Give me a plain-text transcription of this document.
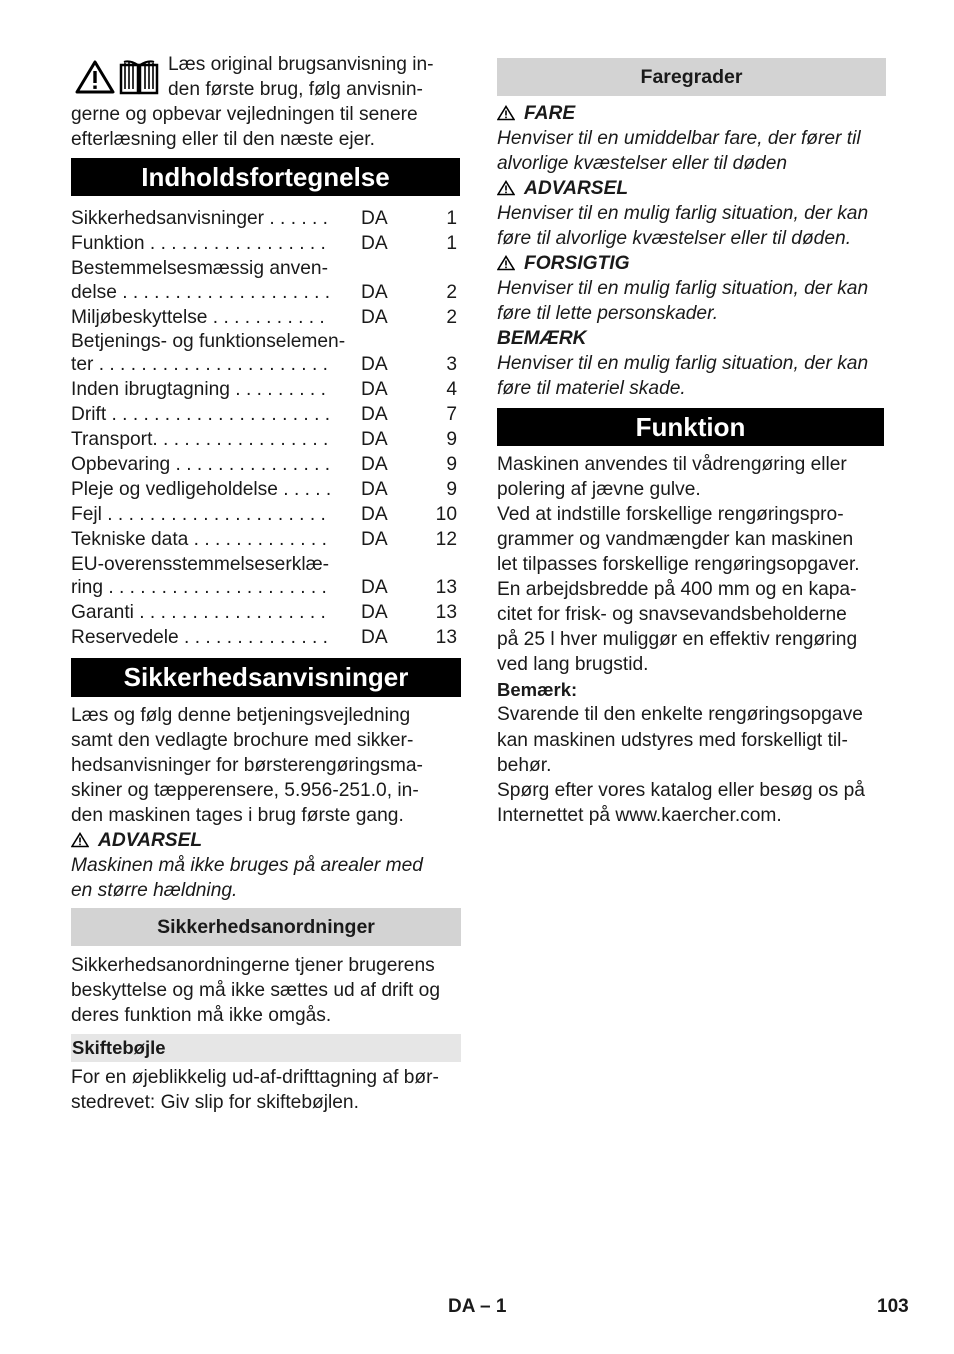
Læs original brugsanvisning in-
den første brug, følg anvisnin-
gerne og opbevar vejledningen til senere
efterlæsning eller til den næste ejer.
Indholdsfortegnelse
Sikkerhedsanvisninger . . . . . . DA	1
Funktion . . . . . . . . . . . . . . . . . DA	1
Bestemmelsesmæssig anven-
delse . . . . . . . . . . . . . . . . . . . . DA	2
Miljøbeskyttelse . . . . . . . . . . . DA	2
Betjenings- og funktionselemen-
ter . . . . . . . . . . . . . . . . . . . . . . DA	3
Inden ibrugtagning . . . . . . . . . DA	4
Drift . . . . . . . . . . . . . . . . . . . . . DA	7
Transport. . . . . . . . . . . . . . . . . DA	9
Opbevaring . . . . . . . . . . . . . . . DA	9
Pleje og vedligeholdelse . . . . . DA	9
Fejl . . . . . . . . . . . . . . . . . . . . . DA	10
Tekniske data . . . . . . . . . . . . . DA	12
EU-overensstemmelseserklæ-
ring . . . . . . . . . . . . . . . . . . . . . DA	13
Garanti . . . . . . . . . . . . . . . . . . DA	13
Reservedele . . . . . . . . . . . . . . DA	13
Sikkerhedsanvisninger
Læs og følg denne betjeningsvejledning
samt den vedlagte brochure med sikker-
hedsanvisninger for børsterengøringsma-
skiner og tæpperensere, 5.956-251.0, in-
den maskinen tages i brug første gang.
ADVARSEL
Maskinen må ikke bruges på arealer med
en større hældning.
Sikkerhedsanordninger
Sikkerhedsanordningerne tjener brugerens
beskyttelse og må ikke sættes ud af drift og
deres funktion må ikke omgås.
Skiftebøjle
For en øjeblikkelig ud-af-drifttagning af bør-
stedrevet: Giv slip for skiftebøjlen.
Faregrader
FARE
Henviser til en umiddelbar fare, der fører til
alvorlige kvæstelser eller til døden
ADVARSEL
Henviser til en mulig farlig situation, der kan
føre til alvorlige kvæstelser eller til døden.
FORSIGTIG
Henviser til en mulig farlig situation, der kan
føre til lette personskader.
BEMÆRK
Henviser til en mulig farlig situation, der kan
føre til materiel skade.
Funktion
Maskinen anvendes til vådrengøring eller
polering af jævne gulve.
Ved at indstille forskellige rengøringspro-
grammer og vandmængder kan maskinen
let tilpasses forskellige rengøringsopgaver.
En arbejdsbredde på 400 mm og en kapa-
citet for frisk- og snavsevandsbeholderne
på 25 l hver muliggør en effektiv rengøring
ved lang brugstid.
Bemærk:
Svarende til den enkelte rengøringsopgave
kan maskinen udstyres med forskelligt til-
behør.
Spørg efter vores katalog eller besøg os på
Internettet på www.kaercher.com.
DA – 1	103
